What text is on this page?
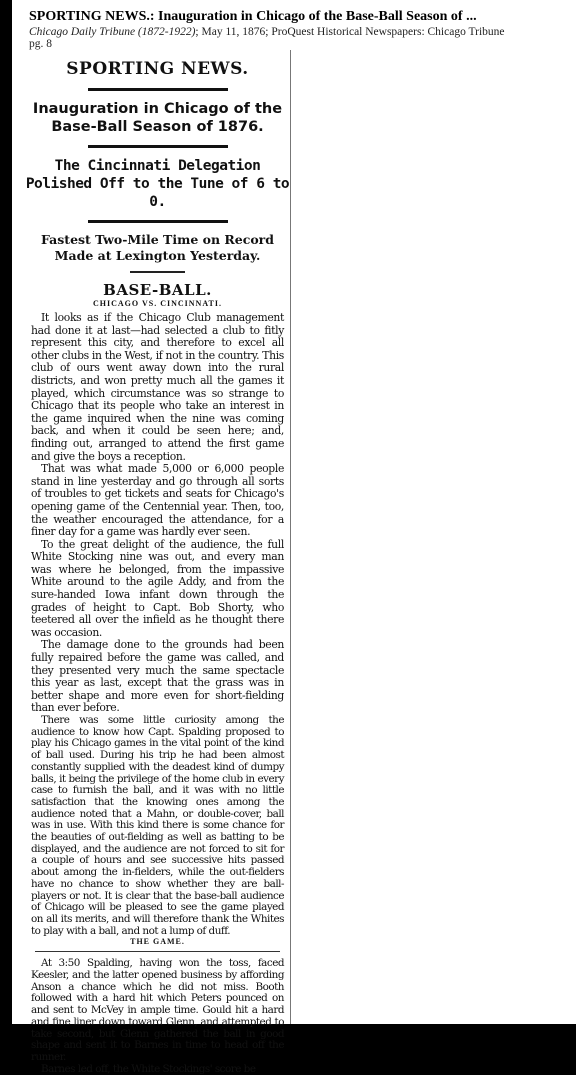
SPORTING NEWS.: Inauguration in Chicago of the Base-Ball Season of ...
Chicago Daily Tribune (1872-1922); May 11, 1876; ProQuest Historical Newspapers: Chicago Tribune
pg. 8
SPORTING NEWS.
Inauguration in Chicago of the Base-Ball Season of 1876.
The Cincinnati Delegation Polished Off to the Tune of 6 to 0.
Fastest Two-Mile Time on Record Made at Lexington Yesterday.
BASE-BALL.
CHICAGO VS. CINCINNATI.

It looks as if the Chicago Club management had done it at last—had selected a club to fitly represent this city, and therefore to excel all other clubs in the West, if not in the country. This club of ours went away down into the rural districts, and won pretty much all the games it played, which circumstance was so strange to Chicago that its people who take an interest in the game inquired when the nine was coming back, and when it could be seen here; and, finding out, arranged to attend the first game and give the boys a reception.

That was what made 5,000 or 6,000 people stand in line yesterday and go through all sorts of troubles to get tickets and seats for Chicago's opening game of the Centennial year. Then, too, the weather encouraged the attendance, for a finer day for a game was hardly ever seen.

To the great delight of the audience, the full White Stocking nine was out, and every man was where he belonged, from the impassive White around to the agile Addy, and from the sure-handed Iowa infant down through the grades of height to Capt. Bob Shorty, who teetered all over the infield as he thought there was occasion.

The damage done to the grounds had been fully repaired before the game was called, and they presented very much the same spectacle this year as last, except that the grass was in better shape and more even for short-fielding than ever before.

There was some little curiosity among the audience to know how Capt. Spalding proposed to play his Chicago games in the vital point of the kind of ball used. During his trip he had been almost constantly supplied with the deadest kind of dumpy balls, it being the privilege of the home club in every case to furnish the ball, and it was with no little satisfaction that the knowing ones among the audience noted that a Mahn, or double-cover, ball was in use. With this kind there is some chance for the beauties of out-fielding as well as batting to be displayed, and the audience are not forced to sit for a couple of hours and see successive hits passed about among the in-fielders, while the out-fielders have no chance to show whether they are ball-players or not. It is clear that the base-ball audience of Chicago will be pleased to see the game played on all its merits, and will therefore thank the Whites to play with a ball, and not a lump of duff.

THE GAME.

At 3:50 Spalding, having won the toss, faced Keesler, and the latter opened business by affording Anson a chance which he did not miss. Booth followed with a hard hit which Peters pounced on and sent to McVey in ample time. Gould hit a hard and fine liner down toward Glenn, and attempted to take second, but Glenn gathered the ball in good shape and sent it to Barnes in time to head off the runner.

Barnes led off, the White Stockings' score be
